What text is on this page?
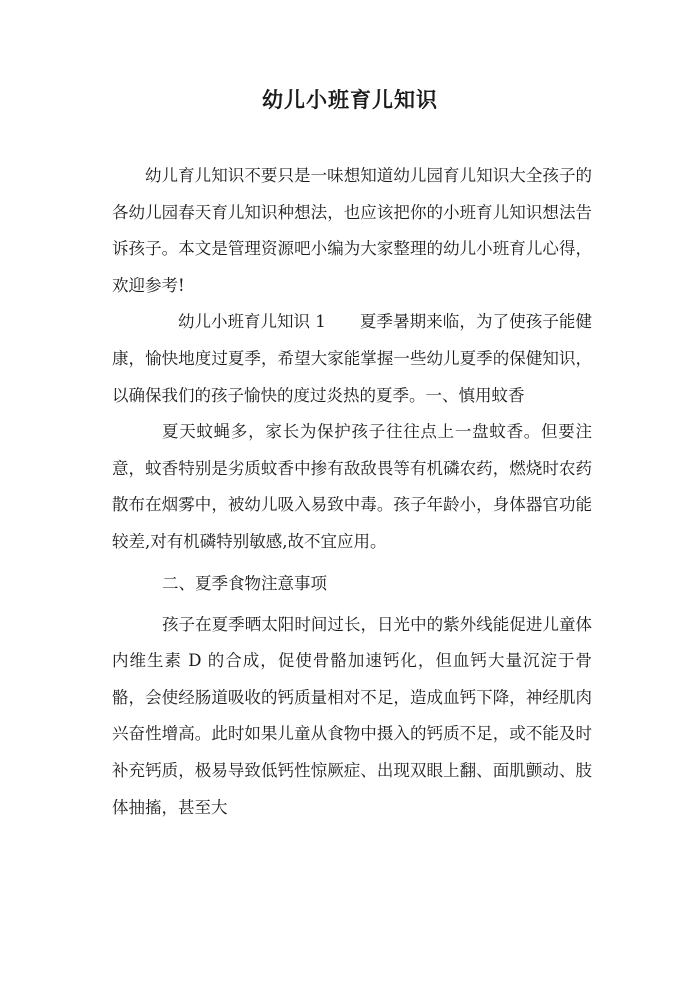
幼儿小班育儿知识

幼儿育儿知识不要只是一味想知道幼儿园育儿知识大全孩子的各幼儿园春天育儿知识种想法，也应该把你的小班育儿知识想法告诉孩子。本文是管理资源吧小编为大家整理的幼儿小班育儿心得，欢迎参考!

幼儿小班育儿知识 1 夏季暑期来临，为了使孩子能健康，愉快地度过夏季，希望大家能掌握一些幼儿夏季的保健知识，以确保我们的孩子愉快的度过炎热的夏季。一、慎用蚊香

夏天蚊蝇多，家长为保护孩子往往点上一盘蚊香。但要注意，蚊香特别是劣质蚊香中掺有敌敌畏等有机磷农药，燃烧时农药散布在烟雾中，被幼儿吸入易致中毒。孩子年龄小，身体器官功能较差,对有机磷特别敏感,故不宜应用。

二、夏季食物注意事项

孩子在夏季晒太阳时间过长，日光中的紫外线能促进儿童体内维生素 D 的合成，促使骨骼加速钙化，但血钙大量沉淀于骨骼，会使经肠道吸收的钙质量相对不足，造成血钙下降，神经肌肉兴奋性增高。此时如果儿童从食物中摄入的钙质不足，或不能及时补充钙质，极易导致低钙性惊厥症、出现双眼上翻、面肌颤动、肢体抽搐，甚至大
